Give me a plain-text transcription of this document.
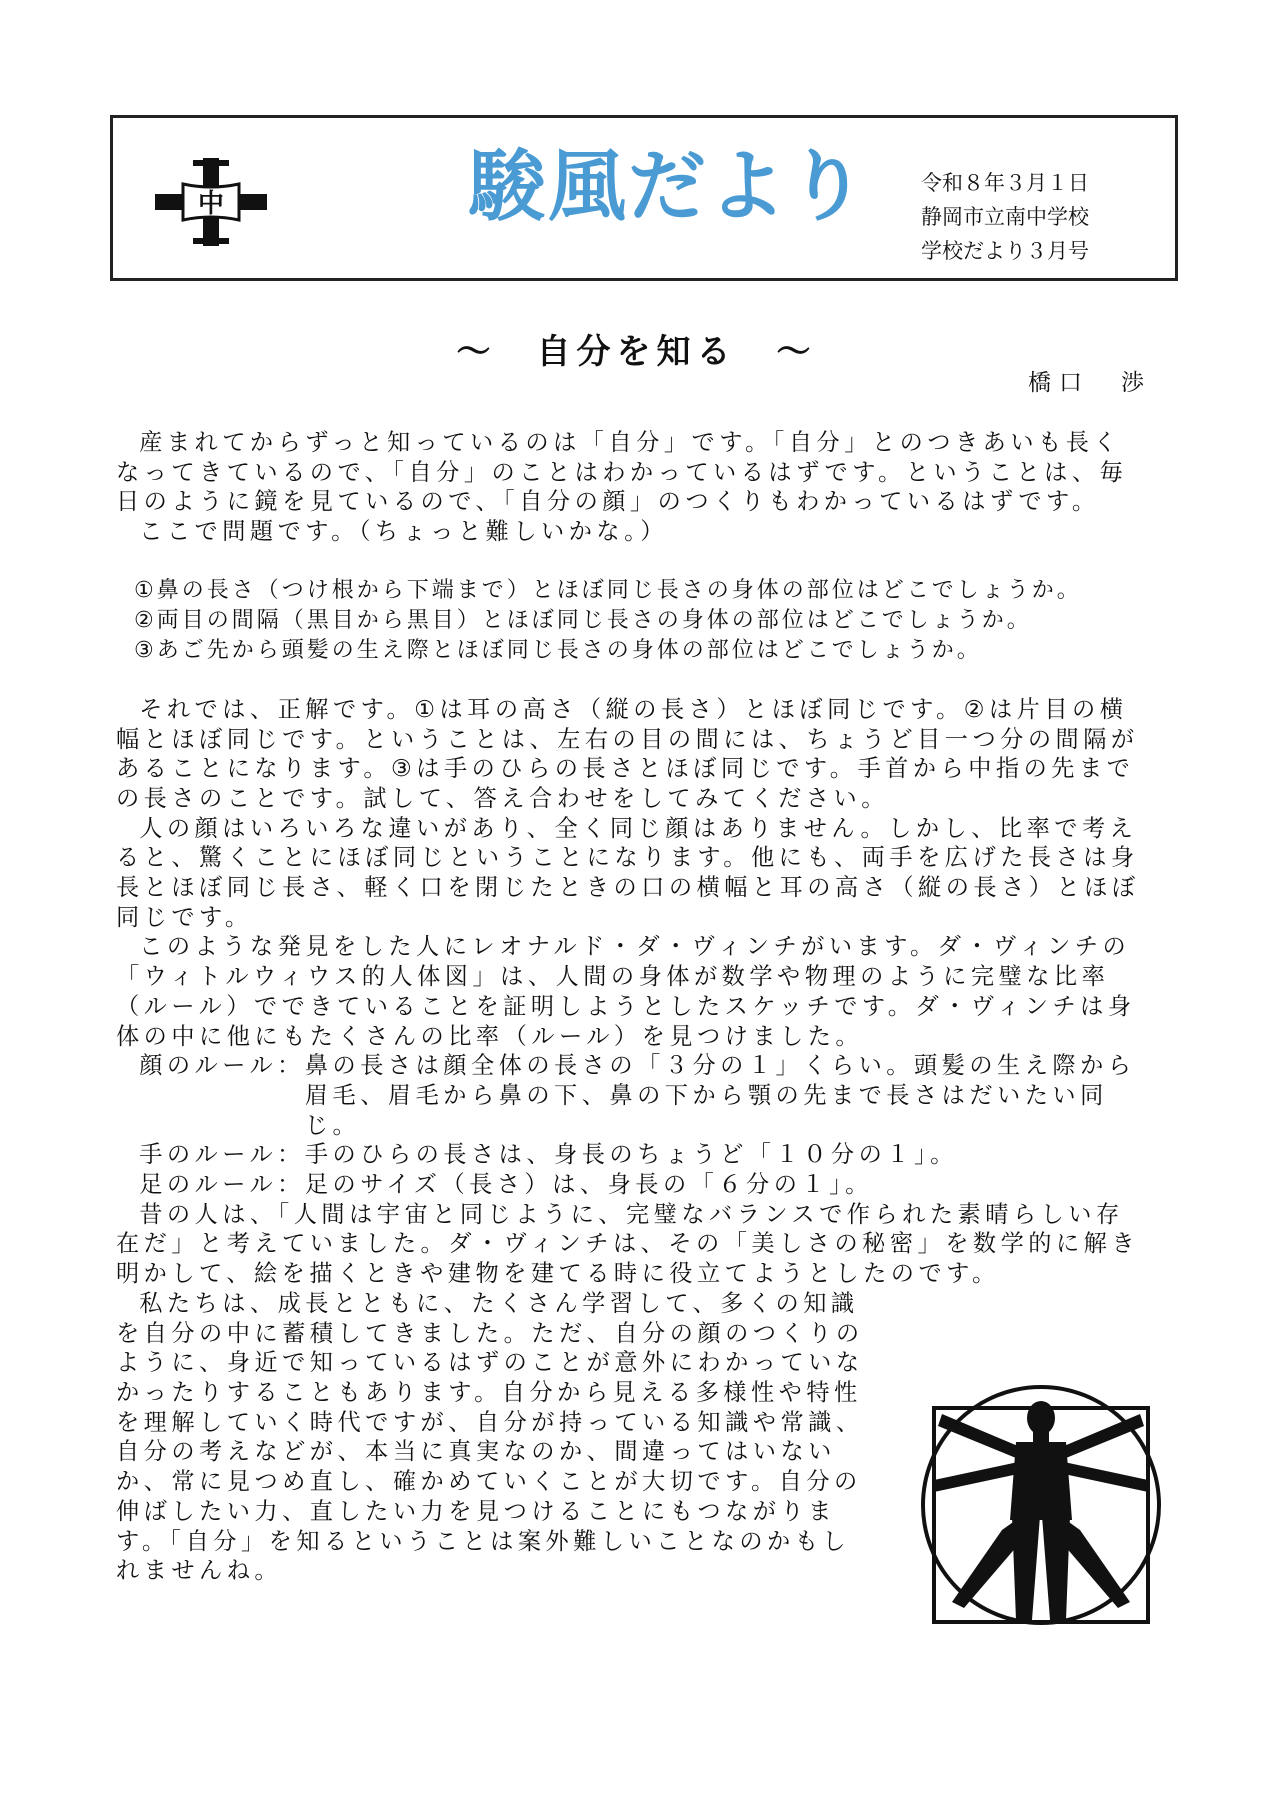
中	駿風だより	令和８年３月１日
静岡市立南中学校
学校だより３月号
～　自分を知る　～
橋口　渉

産まれてからずっと知っているのは「自分」です。「自分」とのつきあいも長くなってきているので、「自分」のことはわかっているはずです。ということは、毎日のように鏡を見ているので、「自分の顔」のつくりもわかっているはずです。

ここで問題です。（ちょっと難しいかな。）

①鼻の長さ（つけ根から下端まで）とほぼ同じ長さの身体の部位はどこでしょうか。
②両目の間隔（黒目から黒目）とほぼ同じ長さの身体の部位はどこでしょうか。
③あご先から頭髪の生え際とほぼ同じ長さの身体の部位はどこでしょうか。

それでは、正解です。①は耳の高さ（縦の長さ）とほぼ同じです。②は片目の横幅とほぼ同じです。ということは、左右の目の間には、ちょうど目一つ分の間隔があることになります。③は手のひらの長さとほぼ同じです。手首から中指の先までの長さのことです。試して、答え合わせをしてみてください。

人の顔はいろいろな違いがあり、全く同じ顔はありません。しかし、比率で考えると、驚くことにほぼ同じということになります。他にも、両手を広げた長さは身長とほぼ同じ長さ、軽く口を閉じたときの口の横幅と耳の高さ（縦の長さ）とほぼ同じです。

このような発見をした人にレオナルド・ダ・ヴィンチがいます。ダ・ヴィンチの「ウィトルウィウス的人体図」は、人間の身体が数学や物理のように完璧な比率（ルール）でできていることを証明しようとしたスケッチです。ダ・ヴィンチは身体の中に他にもたくさんの比率（ルール）を見つけました。

顔のルール： 鼻の長さは顔全体の長さの「３分の１」くらい。頭髪の生え際から眉毛、眉毛から鼻の下、鼻の下から顎の先まで長さはだいたい同じ。
手のルール： 手のひらの長さは、身長のちょうど「１０分の１」。
足のルール： 足のサイズ（長さ）は、身長の「６分の１」。

昔の人は、「人間は宇宙と同じように、完璧なバランスで作られた素晴らしい存在だ」と考えていました。ダ・ヴィンチは、その「美しさの秘密」を数学的に解き明かして、絵を描くときや建物を建てる時に役立てようとしたのです。

私たちは、成長とともに、たくさん学習して、多くの知識を自分の中に蓄積してきました。ただ、自分の顔のつくりのように、身近で知っているはずのことが意外にわかっていなかったりすることもあります。自分から見える多様性や特性を理解していく時代ですが、自分が持っている知識や常識、自分の考えなどが、本当に真実なのか、間違ってはいないか、常に見つめ直し、確かめていくことが大切です。自分の伸ばしたい力、直したい力を見つけることにもつながります。「自分」を知るということは案外難しいことなのかもしれませんね。
